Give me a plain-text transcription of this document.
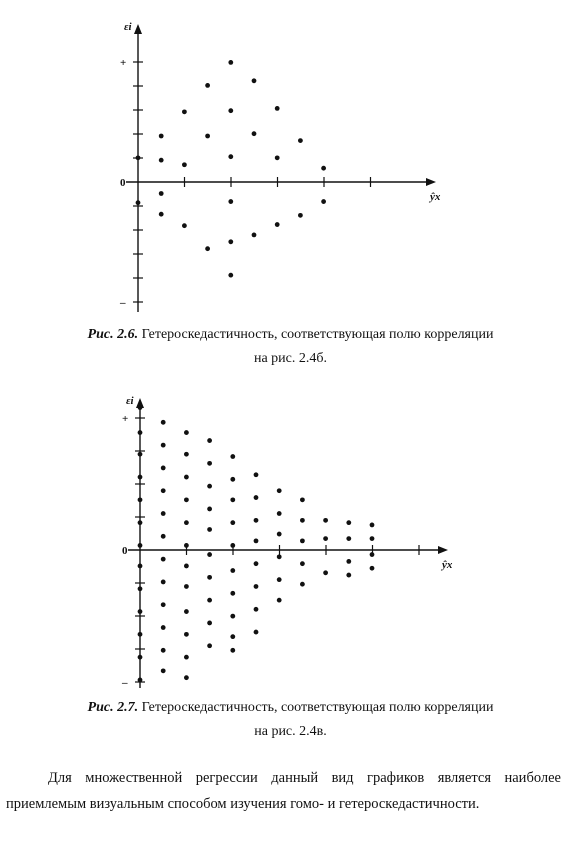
+
0
–
εi
ŷx
Рис. 2.6. Гетероскедастичность, соответствующая полю корреляции
на рис. 2.4б.
+
0
–
εi
ŷx
Рис. 2.7. Гетероскедастичность, соответствующая полю корреляции
на рис. 2.4в.

Для множественной регрессии данный вид графиков является наиболее приемлемым визуальным способом изучения гомо- и гетероскедастичности.
